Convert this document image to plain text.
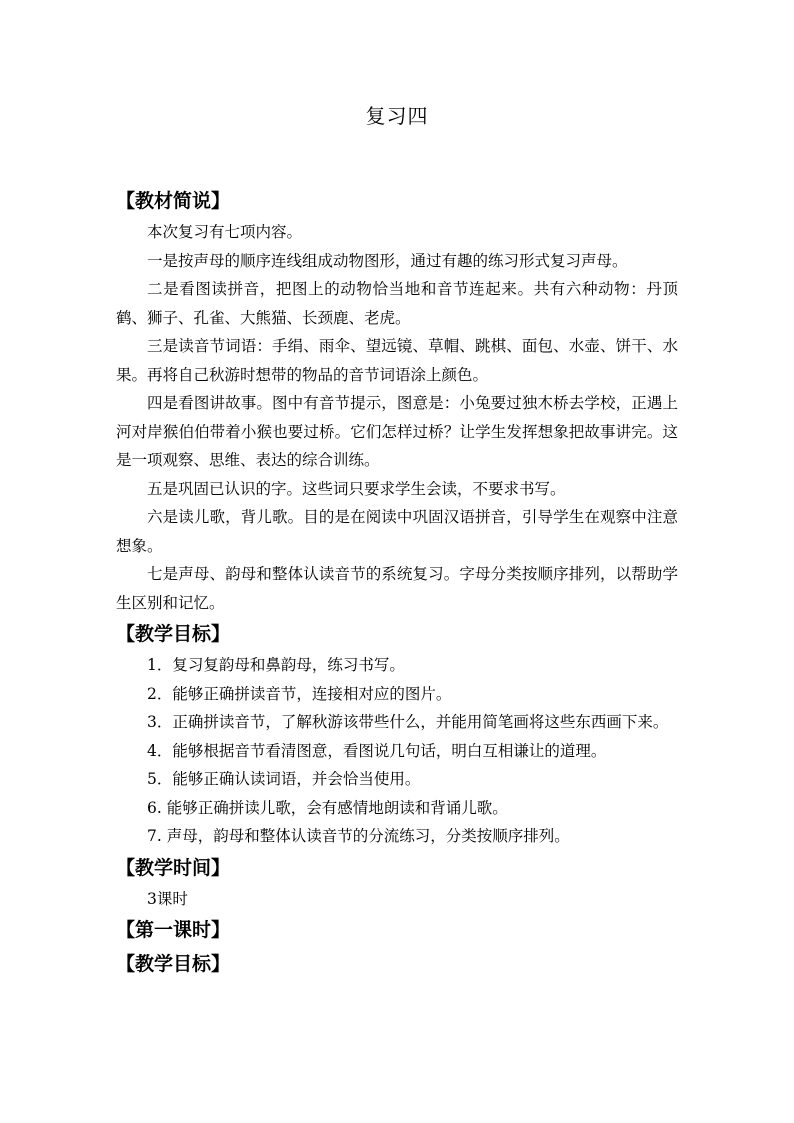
复习四

【教材简说】

本次复习有七项内容。

一是按声母的顺序连线组成动物图形，通过有趣的练习形式复习声母。

二是看图读拼音，把图上的动物恰当地和音节连起来。共有六种动物：丹顶鹤、狮子、孔雀、大熊猫、长颈鹿、老虎。

三是读音节词语：手绢、雨伞、望远镜、草帽、跳棋、面包、水壶、饼干、水果。再将自己秋游时想带的物品的音节词语涂上颜色。

四是看图讲故事。图中有音节提示，图意是：小兔要过独木桥去学校，正遇上河对岸猴伯伯带着小猴也要过桥。它们怎样过桥？让学生发挥想象把故事讲完。这是一项观察、思维、表达的综合训练。

五是巩固已认识的字。这些词只要求学生会读，不要求书写。

六是读儿歌，背儿歌。目的是在阅读中巩固汉语拼音，引导学生在观察中注意想象。

七是声母、韵母和整体认读音节的系统复习。字母分类按顺序排列，以帮助学生区别和记忆。

【教学目标】

1．复习复韵母和鼻韵母，练习书写。

2．能够正确拼读音节，连接相对应的图片。

3．正确拼读音节，了解秋游该带些什么，并能用简笔画将这些东西画下来。

4．能够根据音节看清图意，看图说几句话，明白互相谦让的道理。

5．能够正确认读词语，并会恰当使用。

6. 能够正确拼读儿歌，会有感情地朗读和背诵儿歌。

7. 声母，韵母和整体认读音节的分流练习，分类按顺序排列。

【教学时间】

3课时

【第一课时】

【教学目标】
